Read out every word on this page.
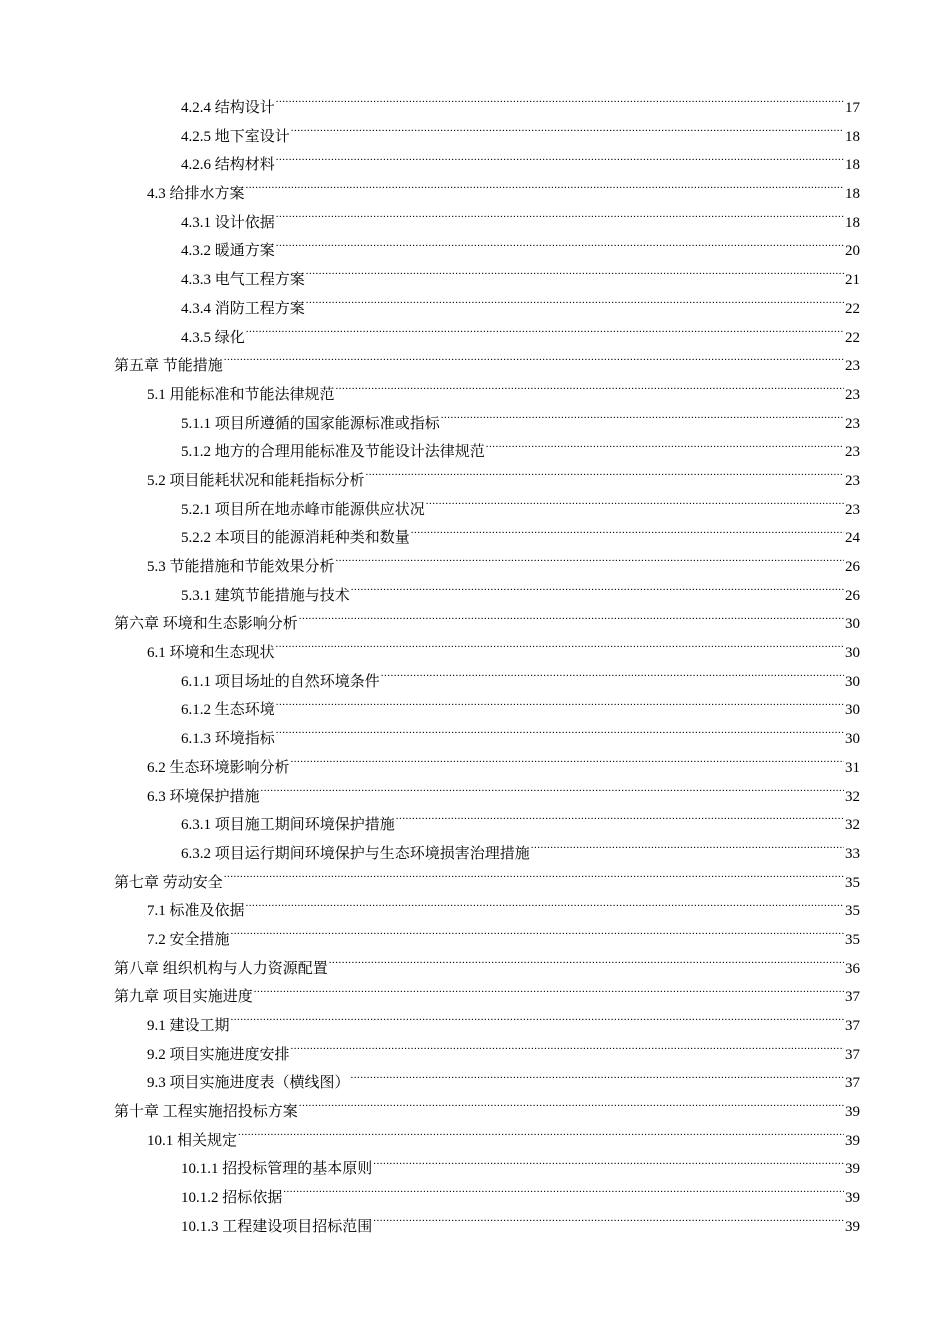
4.2.4 结构设计 .....	17
4.2.5 地下室设计 .....	18
4.2.6 结构材料 .....	18
4.3 给排水方案 .....	18
4.3.1 设计依据 .....	18
4.3.2 暖通方案 .....	20
4.3.3 电气工程方案 .....	21
4.3.4 消防工程方案 .....	22
4.3.5 绿化 .....	22
第五章 节能措施 .....	23
5.1 用能标准和节能法律规范 .....	23
5.1.1 项目所遵循的国家能源标准或指标 .....	23
5.1.2 地方的合理用能标准及节能设计法律规范 .....	23
5.2 项目能耗状况和能耗指标分析 .....	23
5.2.1 项目所在地赤峰市能源供应状况 .....	23
5.2.2 本项目的能源消耗种类和数量 .....	24
5.3 节能措施和节能效果分析 .....	26
5.3.1 建筑节能措施与技术 .....	26
第六章 环境和生态影响分析 .....	30
6.1 环境和生态现状 .....	30
6.1.1 项目场址的自然环境条件 .....	30
6.1.2 生态环境 .....	30
6.1.3 环境指标 .....	30
6.2 生态环境影响分析 .....	31
6.3 环境保护措施 .....	32
6.3.1 项目施工期间环境保护措施 .....	32
6.3.2 项目运行期间环境保护与生态环境损害治理措施 .....	33
第七章 劳动安全 .....	35
7.1 标准及依据 .....	35
7.2 安全措施 .....	35
第八章 组织机构与人力资源配置 .....	36
第九章 项目实施进度 .....	37
9.1 建设工期 .....	37
9.2 项目实施进度安排 .....	37
9.3 项目实施进度表（横线图） .....	37
第十章 工程实施招投标方案 .....	39
10.1 相关规定 .....	39
10.1.1 招投标管理的基本原则 .....	39
10.1.2 招标依据 .....	39
10.1.3 工程建设项目招标范围 .....	39
